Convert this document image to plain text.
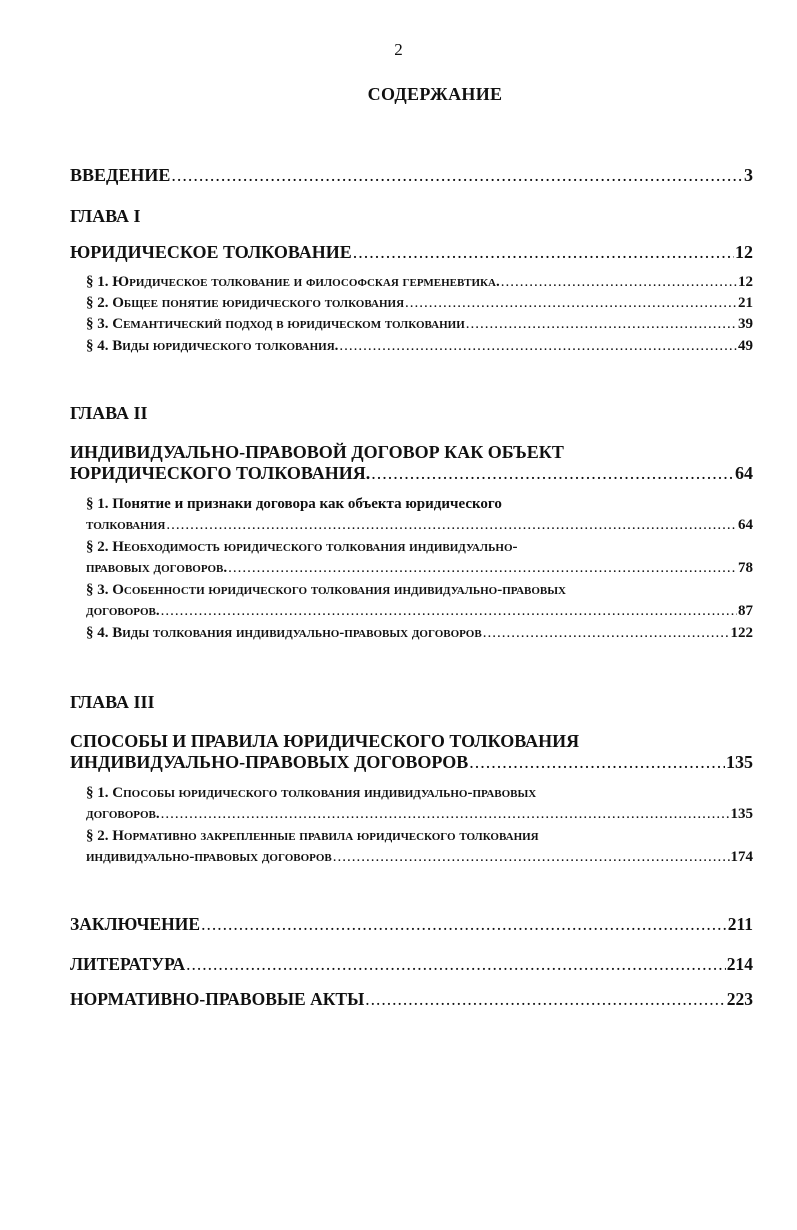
2
СОДЕРЖАНИЕ
ВВЕДЕНИЕ .....	3
ГЛАВА I
ЮРИДИЧЕСКОЕ ТОЛКОВАНИЕ .....	12
§ 1. Юридическое толкование и философская герменевтика. .....	12
§ 2. Общее понятие юридического толкования .....	21
§ 3. Семантический подход в юридическом толковании .....	39
§ 4. Виды юридического толкования. .....	49
ГЛАВА II
ИНДИВИДУАЛЬНО-ПРАВОВОЙ ДОГОВОР КАК ОБЪЕКТ
ЮРИДИЧЕСКОГО ТОЛКОВАНИЯ. .....	64
§ 1. Понятие и признаки договора как объекта юридического
толкования .....	64
§ 2. Необходимость юридического толкования индивидуально-
правовых договоров. .....	78
§ 3. Особенности юридического толкования индивидуально-правовых
договоров. .....	87
§ 4. Виды толкования индивидуально-правовых договоров .....	122
ГЛАВА III
СПОСОБЫ И ПРАВИЛА ЮРИДИЧЕСКОГО ТОЛКОВАНИЯ
ИНДИВИДУАЛЬНО-ПРАВОВЫХ ДОГОВОРОВ .....	135
§ 1. Способы юридического толкования индивидуально-правовых
договоров. .....	135
§ 2. Нормативно закрепленные правила юридического толкования
индивидуально-правовых договоров .....	174
ЗАКЛЮЧЕНИЕ .....	211
ЛИТЕРАТУРА .....	214
НОРМАТИВНО-ПРАВОВЫЕ АКТЫ .....	223
